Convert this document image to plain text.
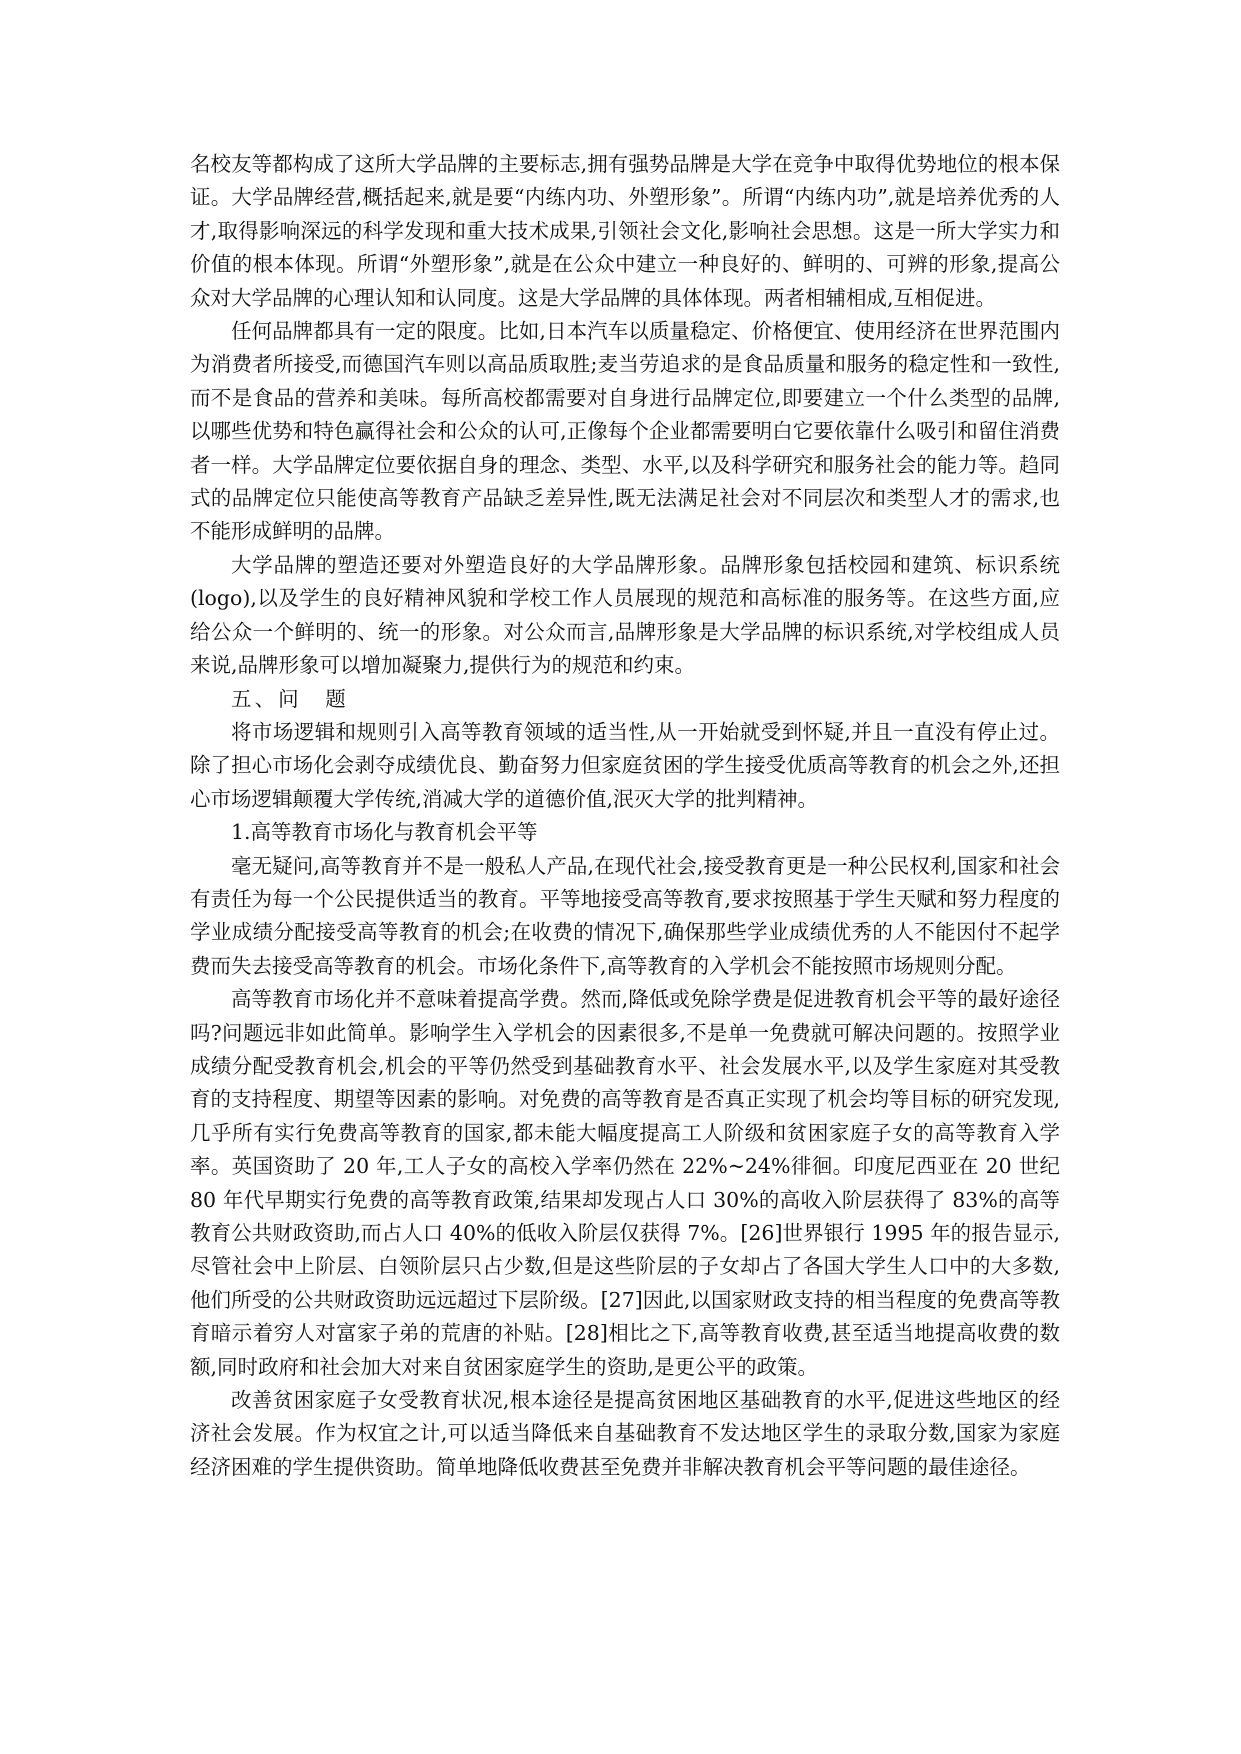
名校友等都构成了这所大学品牌的主要标志,拥有强势品牌是大学在竞争中取得优势地位的根本保证。大学品牌经营,概括起来,就是要“内练内功、外塑形象”。所谓“内练内功”,就是培养优秀的人才,取得影响深远的科学发现和重大技术成果,引领社会文化,影响社会思想。这是一所大学实力和价值的根本体现。所谓“外塑形象”,就是在公众中建立一种良好的、鲜明的、可辨的形象,提高公众对大学品牌的心理认知和认同度。这是大学品牌的具体体现。两者相辅相成,互相促进。

任何品牌都具有一定的限度。比如,日本汽车以质量稳定、价格便宜、使用经济在世界范围内为消费者所接受,而德国汽车则以高品质取胜;麦当劳追求的是食品质量和服务的稳定性和一致性,而不是食品的营养和美味。每所高校都需要对自身进行品牌定位,即要建立一个什么类型的品牌,以哪些优势和特色赢得社会和公众的认可,正像每个企业都需要明白它要依靠什么吸引和留住消费者一样。大学品牌定位要依据自身的理念、类型、水平,以及科学研究和服务社会的能力等。趋同式的品牌定位只能使高等教育产品缺乏差异性,既无法满足社会对不同层次和类型人才的需求,也不能形成鲜明的品牌。

大学品牌的塑造还要对外塑造良好的大学品牌形象。品牌形象包括校园和建筑、标识系统(logo),以及学生的良好精神风貌和学校工作人员展现的规范和高标准的服务等。在这些方面,应给公众一个鲜明的、统一的形象。对公众而言,品牌形象是大学品牌的标识系统,对学校组成人员来说,品牌形象可以增加凝聚力,提供行为的规范和约束。

五、问　题

将市场逻辑和规则引入高等教育领域的适当性,从一开始就受到怀疑,并且一直没有停止过。除了担心市场化会剥夺成绩优良、勤奋努力但家庭贫困的学生接受优质高等教育的机会之外,还担心市场逻辑颠覆大学传统,消减大学的道德价值,泯灭大学的批判精神。

1.高等教育市场化与教育机会平等

毫无疑问,高等教育并不是一般私人产品,在现代社会,接受教育更是一种公民权利,国家和社会有责任为每一个公民提供适当的教育。平等地接受高等教育,要求按照基于学生天赋和努力程度的学业成绩分配接受高等教育的机会;在收费的情况下,确保那些学业成绩优秀的人不能因付不起学费而失去接受高等教育的机会。市场化条件下,高等教育的入学机会不能按照市场规则分配。

高等教育市场化并不意味着提高学费。然而,降低或免除学费是促进教育机会平等的最好途径吗?问题远非如此简单。影响学生入学机会的因素很多,不是单一免费就可解决问题的。按照学业成绩分配受教育机会,机会的平等仍然受到基础教育水平、社会发展水平,以及学生家庭对其受教育的支持程度、期望等因素的影响。对免费的高等教育是否真正实现了机会均等目标的研究发现,几乎所有实行免费高等教育的国家,都未能大幅度提高工人阶级和贫困家庭子女的高等教育入学率。英国资助了 20 年,工人子女的高校入学率仍然在 22%~24%徘徊。印度尼西亚在 20 世纪 80 年代早期实行免费的高等教育政策,结果却发现占人口 30%的高收入阶层获得了 83%的高等教育公共财政资助,而占人口 40%的低收入阶层仅获得 7%。[26]世界银行 1995 年的报告显示,尽管社会中上阶层、白领阶层只占少数,但是这些阶层的子女却占了各国大学生人口中的大多数,他们所受的公共财政资助远远超过下层阶级。[27]因此,以国家财政支持的相当程度的免费高等教育暗示着穷人对富家子弟的荒唐的补贴。[28]相比之下,高等教育收费,甚至适当地提高收费的数额,同时政府和社会加大对来自贫困家庭学生的资助,是更公平的政策。

改善贫困家庭子女受教育状况,根本途径是提高贫困地区基础教育的水平,促进这些地区的经济社会发展。作为权宜之计,可以适当降低来自基础教育不发达地区学生的录取分数,国家为家庭经济困难的学生提供资助。简单地降低收费甚至免费并非解决教育机会平等问题的最佳途径。
